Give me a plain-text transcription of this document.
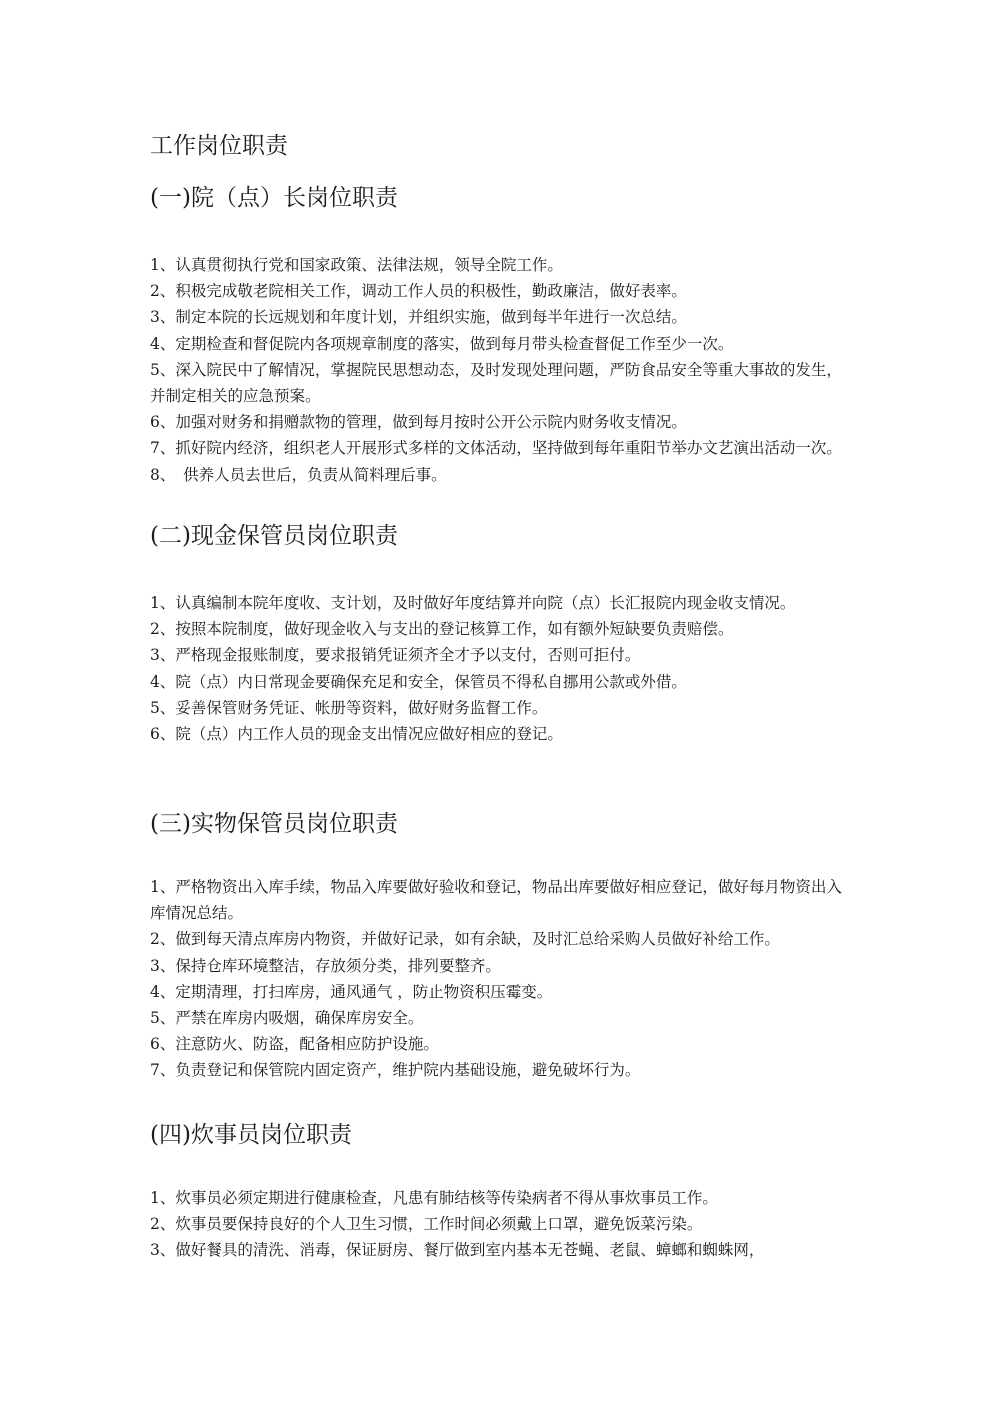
工作岗位职责
(一)院（点）长岗位职责
1、认真贯彻执行党和国家政策、法律法规，领导全院工作。
2、积极完成敬老院相关工作，调动工作人员的积极性，勤政廉洁，做好表率。
3、制定本院的长远规划和年度计划，并组织实施，做到每半年进行一次总结。
4、定期检查和督促院内各项规章制度的落实，做到每月带头检查督促工作至少一次。
5、深入院民中了解情况，掌握院民思想动态，及时发现处理问题，严防食品安全等重大事故的发生，并制定相关的应急预案。
6、加强对财务和捐赠款物的管理，做到每月按时公开公示院内财务收支情况。
7、抓好院内经济，组织老人开展形式多样的文体活动，坚持做到每年重阳节举办文艺演出活动一次。
8、　供养人员去世后，负责从简料理后事。
(二)现金保管员岗位职责
1、认真编制本院年度收、支计划，及时做好年度结算并向院（点）长汇报院内现金收支情况。
2、按照本院制度，做好现金收入与支出的登记核算工作，如有额外短缺要负责赔偿。
3、严格现金报账制度，要求报销凭证须齐全才予以支付，否则可拒付。
4、院（点）内日常现金要确保充足和安全，保管员不得私自挪用公款或外借。
5、妥善保管财务凭证、帐册等资料，做好财务监督工作。
6、院（点）内工作人员的现金支出情况应做好相应的登记。
(三)实物保管员岗位职责
1、严格物资出入库手续，物品入库要做好验收和登记，物品出库要做好相应登记，做好每月物资出入库情况总结。
2、做到每天清点库房内物资，并做好记录，如有余缺，及时汇总给采购人员做好补给工作。
3、保持仓库环境整洁，存放须分类，排列要整齐。
4、定期清理，打扫库房，通风通气 ，防止物资积压霉变。
5、严禁在库房内吸烟，确保库房安全。
6、注意防火、防盗，配备相应防护设施。
7、负责登记和保管院内固定资产，维护院内基础设施，避免破坏行为。
(四)炊事员岗位职责
1、炊事员必须定期进行健康检查，凡患有肺结核等传染病者不得从事炊事员工作。
2、炊事员要保持良好的个人卫生习惯，工作时间必须戴上口罩，避免饭菜污染。
3、做好餐具的清洗、消毒，保证厨房、餐厅做到室内基本无苍蝇、老鼠、蟑螂和蜘蛛网，
